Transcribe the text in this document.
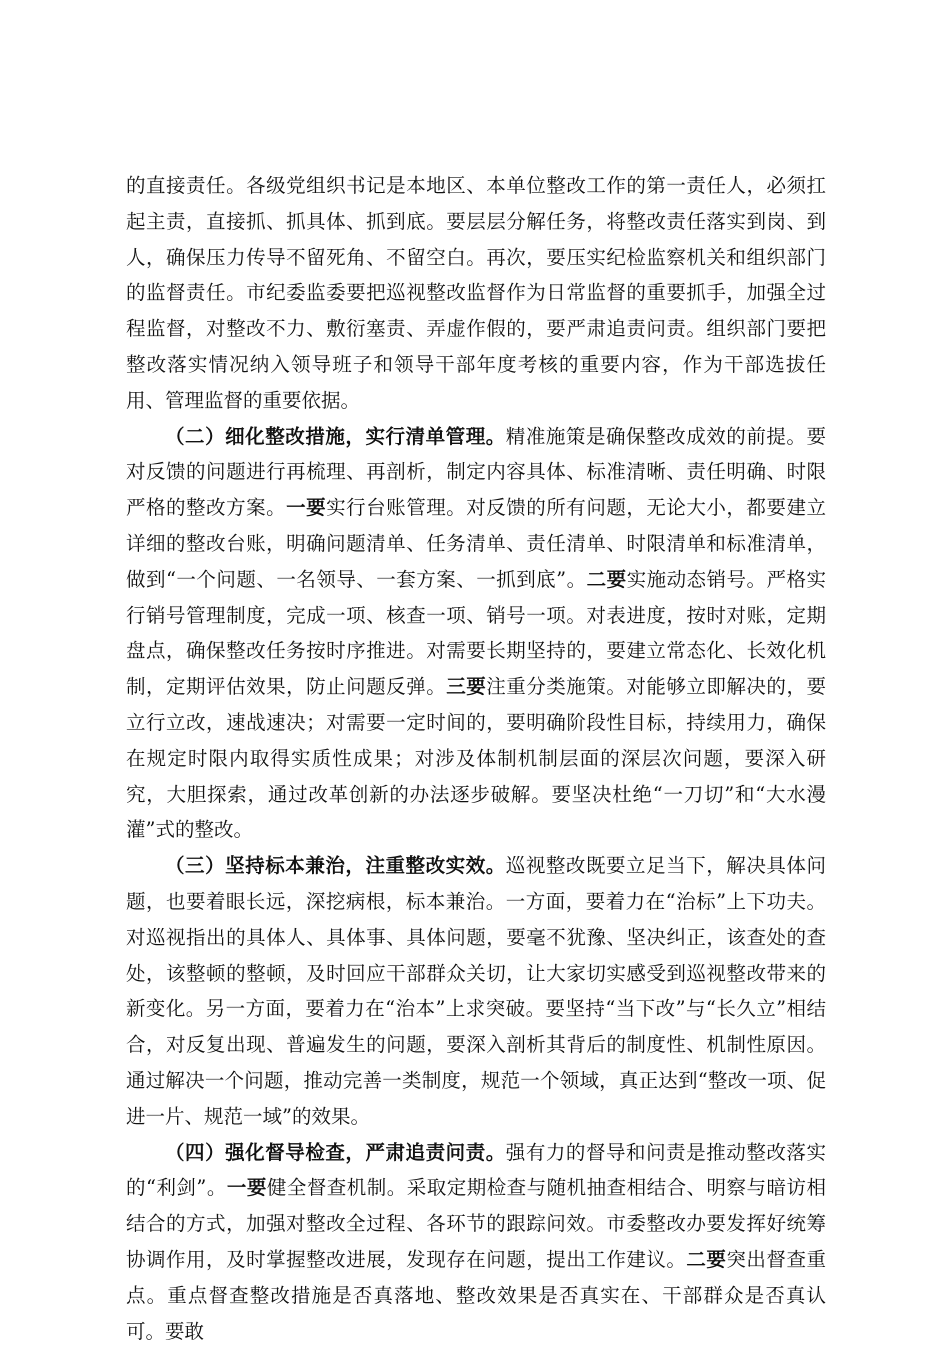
的直接责任。各级党组织书记是本地区、本单位整改工作的第一责任人，必须扛起主责，直接抓、抓具体、抓到底。要层层分解任务，将整改责任落实到岗、到人，确保压力传导不留死角、不留空白。再次，要压实纪检监察机关和组织部门的监督责任。市纪委监委要把巡视整改监督作为日常监督的重要抓手，加强全过程监督，对整改不力、敷衍塞责、弄虚作假的，要严肃追责问责。组织部门要把整改落实情况纳入领导班子和领导干部年度考核的重要内容，作为干部选拔任用、管理监督的重要依据。

（二）细化整改措施，实行清单管理。精准施策是确保整改成效的前提。要对反馈的问题进行再梳理、再剖析，制定内容具体、标准清晰、责任明确、时限严格的整改方案。一要实行台账管理。对反馈的所有问题，无论大小，都要建立详细的整改台账，明确问题清单、任务清单、责任清单、时限清单和标准清单，做到“一个问题、一名领导、一套方案、一抓到底”。二要实施动态销号。严格实行销号管理制度，完成一项、核查一项、销号一项。对表进度，按时对账，定期盘点，确保整改任务按时序推进。对需要长期坚持的，要建立常态化、长效化机制，定期评估效果，防止问题反弹。三要注重分类施策。对能够立即解决的，要立行立改，速战速决；对需要一定时间的，要明确阶段性目标，持续用力，确保在规定时限内取得实质性成果；对涉及体制机制层面的深层次问题，要深入研究，大胆探索，通过改革创新的办法逐步破解。要坚决杜绝“一刀切”和“大水漫灌”式的整改。

（三）坚持标本兼治，注重整改实效。巡视整改既要立足当下，解决具体问题，也要着眼长远，深挖病根，标本兼治。一方面，要着力在“治标”上下功夫。对巡视指出的具体人、具体事、具体问题，要毫不犹豫、坚决纠正，该查处的查处，该整顿的整顿，及时回应干部群众关切，让大家切实感受到巡视整改带来的新变化。另一方面，要着力在“治本”上求突破。要坚持“当下改”与“长久立”相结合，对反复出现、普遍发生的问题，要深入剖析其背后的制度性、机制性原因。通过解决一个问题，推动完善一类制度，规范一个领域，真正达到“整改一项、促进一片、规范一域”的效果。

（四）强化督导检查，严肃追责问责。强有力的督导和问责是推动整改落实的“利剑”。一要健全督查机制。采取定期检查与随机抽查相结合、明察与暗访相结合的方式，加强对整改全过程、各环节的跟踪问效。市委整改办要发挥好统筹协调作用，及时掌握整改进展，发现存在问题，提出工作建议。二要突出督查重点。重点督查整改措施是否真落地、整改效果是否真实在、干部群众是否真认可。要敢
